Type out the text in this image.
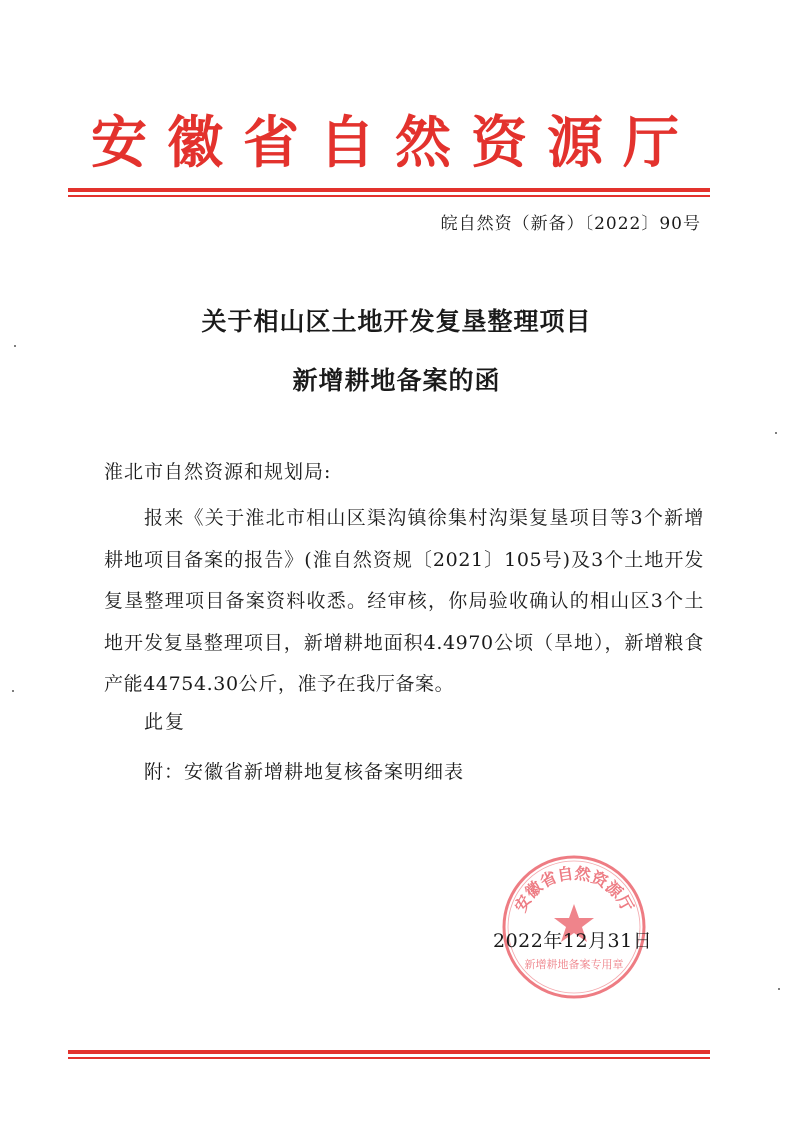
安徽省自然资源厅
皖自然资（新备）〔2022〕90号
关于相山区土地开发复垦整理项目
新增耕地备案的函
淮北市自然资源和规划局:

报来《关于淮北市相山区渠沟镇徐集村沟渠复垦项目等3个新增耕地项目备案的报告》(淮自然资规〔2021〕105号)及3个土地开发复垦整理项目备案资料收悉。经审核，你局验收确认的相山区3个土地开发复垦整理项目，新增耕地面积4.4970公顷（旱地），新增粮食产能44754.30公斤，准予在我厅备案。

此复
附：安徽省新增耕地复核备案明细表
安徽省自然资源厅
新增耕地备案专用章
2022年12月31日
